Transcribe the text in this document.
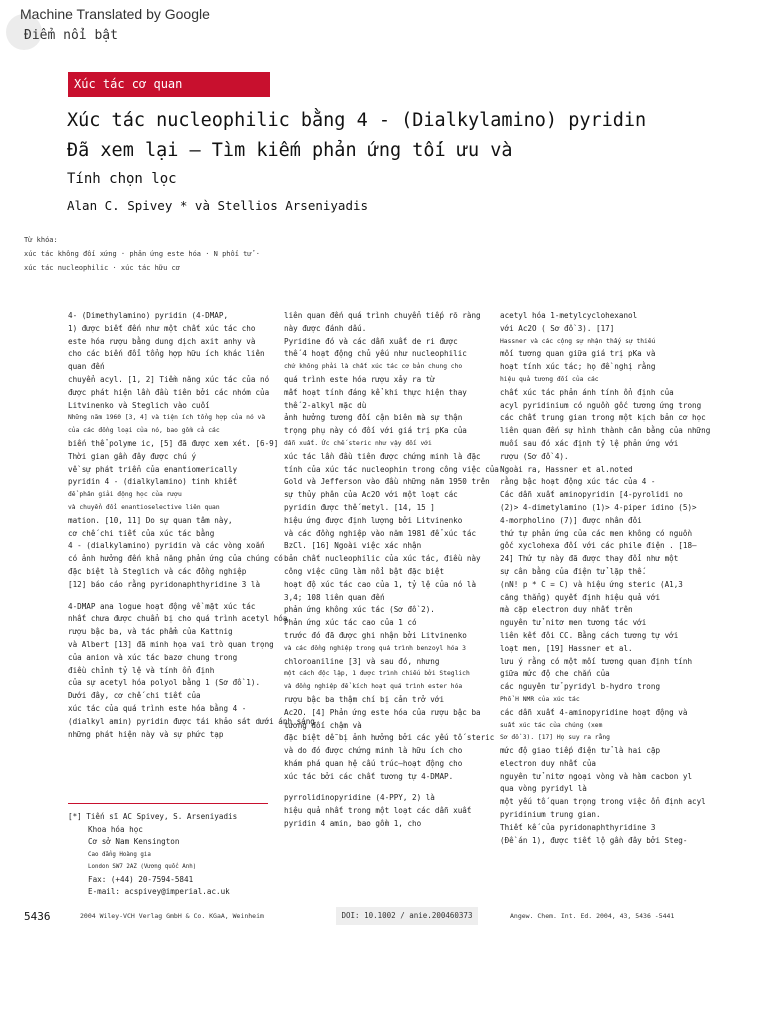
Machine Translated by Google
Điểm nổi bật
Xúc tác cơ quan
Xúc tác nucleophilic bằng 4 - (Dialkylamino) pyridin
Đã xem lại — Tìm kiếm phản ứng tối ưu và
Tính chọn lọc
Alan C. Spivey * và Stellios Arseniyadis
Từ khóa:
xúc tác không đối xứng · phản ứng este hóa · N phối tử ·
xúc tác nucleophilic · xúc tác hữu cơ

4- (Dimethylamino) pyridin (4-DMAP,

1) được biết đến như một chất xúc tác cho

este hóa rượu bằng dung dịch axit anhy và

cho các biến đổi tổng hợp hữu ích khác liên

quan đến

chuyển acyl. [1, 2] Tiềm năng xúc tác của nó

được phát hiện lần đầu tiên bởi các nhóm của

Litvinenko và Steglich vào cuối

Những năm 1960 [3, 4] và tiện ích tổng hợp của nó và

của các đồng loại của nó, bao gồm cả các

biến thể polyme ic, [5] đã được xem xét. [6-9]

Thời gian gần đây được chú ý

về sự phát triển của enantiomerically

pyridin 4 - (dialkylamino) tinh khiết

để phân giải động học của rượu

và chuyển đổi enantioselective liên quan

mation. [10, 11] Do sự quan tâm này,

cơ chế chi tiết của xúc tác bằng

4 - (dialkylamino) pyridin và các vòng xoắn

có ảnh hưởng đến khả năng phản ứng của chúng có

đặc biệt là Steglich và các đồng nghiệp

[12] báo cáo rằng pyridonaphthyridine 3 là

4-DMAP ana logue hoạt động về mặt xúc tác

nhất chưa được chuẩn bị cho quá trình acetyl hóa

rượu bậc ba, và tác phẩm của Kattnig

và Albert [13] đã minh họa vai trò quan trọng

của anion và xúc tác bazơ chung trong

điều chỉnh tỷ lệ và tính ổn định

của sự acetyl hóa polyol bằng 1 (Sơ đồ 1).

Dưới đây, cơ chế chi tiết của

xúc tác của quá trình este hóa bằng 4 -

(dialkyl amin) pyridin được tái khảo sát dưới ánh sáng

những phát hiện này và sự phức tạp

liên quan đến quá trình chuyển tiếp rõ ràng

này được đánh dấu.

Pyridine đó và các dẫn xuất de ri được

thế 4 hoạt động chủ yếu như nucleophilic

chứ không phải là chất xúc tác cơ bản chung cho

quá trình este hóa rượu xảy ra từ

mất hoạt tính đáng kể khi thực hiện thay

thế 2-alkyl mặc dù

ảnh hưởng tương đối cận biên mà sự thận

trọng phụ này có đối với giá trị pKa của

dẫn xuất. Ức chế steric như vậy đối với

xúc tác lần đầu tiên được chứng minh là đặc

tính của xúc tác nucleophin trong công việc của

Gold và Jefferson vào đầu những năm 1950 trên

sự thủy phân của Ac2O với một loạt các

pyridin được thế metyl. [14, 15 ]

hiệu ứng được định lượng bởi Litvinenko

và các đồng nghiệp vào năm 1981 để xúc tác

BzCl. [16] Ngoài việc xác nhận

bản chất nucleophilic của xúc tác, điều này

công việc cũng làm nổi bật đặc biệt

hoạt độ xúc tác cao của 1, tỷ lệ của nó là

3,4; 108 liên quan đến

phản ứng không xúc tác (Sơ đồ 2).

Phản ứng xúc tác cao của 1 có

trước đó đã được ghi nhận bởi Litvinenko

và các đồng nghiệp trong quá trình benzoyl hóa 3

chloroaniline [3] và sau đó, nhưng

một cách độc lập, 1 được trình chiếu bởi Steglich

và đồng nghiệp để kích hoạt quá trình ester hóa

rượu bậc ba thậm chí bị cản trở với

Ac2O. [4] Phản ứng este hóa của rượu bậc ba

tương đối chậm và

đặc biệt dễ bị ảnh hưởng bởi các yếu tố steric

và do đó được chứng minh là hữu ích cho

khám phá quan hệ cấu trúc–hoạt động cho

xúc tác bởi các chất tương tự 4-DMAP.

pyrrolidinopyridine (4-PPY, 2) là

hiệu quả nhất trong một loạt các dẫn xuất

pyridin 4 amin, bao gồm 1, cho

acetyl hóa 1-metylcyclohexanol

với Ac2O ( Sơ đồ 3). [17]

Hassner và các cộng sự nhận thấy sự thiếu

mối tương quan giữa giá trị pKa và

hoạt tính xúc tác; họ đề nghị rằng

hiệu quả tương đối của các

chất xúc tác phản ánh tính ổn định của

acyl pyridinium có nguồn gốc tương ứng trong

các chất trung gian trong một kịch bản cơ học

liên quan đến sự hình thành cân bằng của những

muối sau đó xác định tỷ lệ phản ứng với

rượu (Sơ đồ 4).

Ngoài ra, Hassner et al.noted

rằng bậc hoạt động xúc tác của 4 -

Các dẫn xuất aminopyridin [4-pyrolidi no

(2)> 4-dimetylamino (1)> 4-piper idino (5)>

4-morpholino (7)] được nhân đôi

thứ tự phản ứng của các men không có nguồn

gốc xyclohexa đối với các phile điện . [18–

24] Thứ tự này đã được thay đổi như một

sự cân bằng của điện tử lặp thế.

(nN! p * C = C) và hiệu ứng steric (A1,3

căng thẳng) quyết định hiệu quả với

mà cặp electron duy nhất trên

nguyên tử nitơ men tương tác với

liên kết đôi CC. Bằng cách tương tự với

loạt men, [19] Hassner et al.

lưu ý rằng có một mối tương quan định tính

giữa mức độ che chắn của

các nguyên tử pyridyl b-hydro trong

Phổ H NMR của xúc tác

các dẫn xuất 4-aminopyridine hoạt động và

suất xúc tác của chúng (xem

Sơ đồ 3). [17] Họ suy ra rằng

mức độ giao tiếp điện tử là hai cặp

electron duy nhất của

nguyên tử nitơ ngoại vòng và hàm cacbon yl

qua vòng pyridyl là

một yếu tố quan trọng trong việc ổn định acyl

pyridinium trung gian.

Thiết kế của pyridonaphthyridine 3

(Đề án 1), được tiết lộ gần đây bởi Steg-

[*] Tiến sĩ AC Spivey, S. Arseniyadis

Khoa hóa học

Cơ sở Nam Kensington

Cao đẳng Hoàng gia

London SW7 2AZ (Vương quốc Anh)

Fax: (+44) 20-7594-5841

E-mail: acspivey@imperial.ac.uk

5436	2004 Wiley-VCH Verlag GmbH & Co. KGaA, Weinheim	DOI: 10.1002 / anie.200460373	Angew. Chem. Int. Ed. 2004, 43, 5436 -5441
